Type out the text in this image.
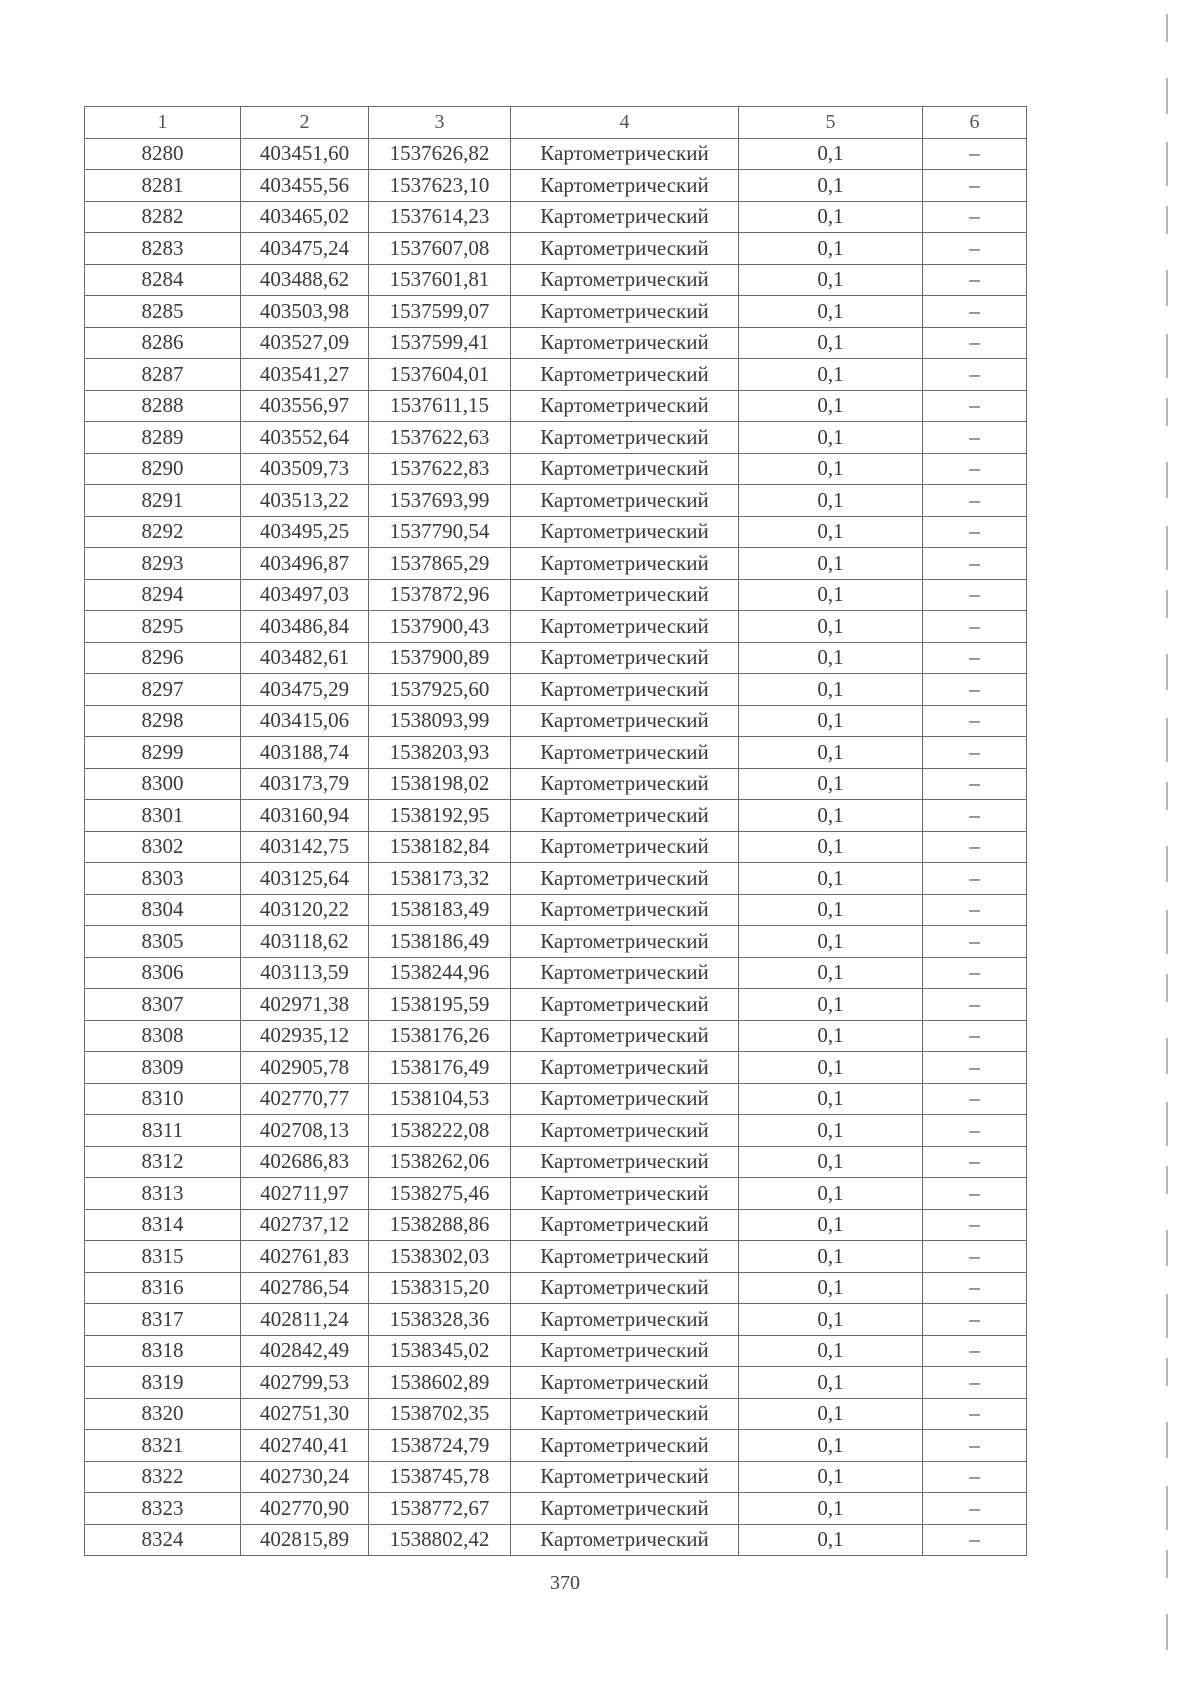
1	2	3	4	5	6
8280	403451,60	1537626,82	Картометрический	0,1	–
8281	403455,56	1537623,10	Картометрический	0,1	–
8282	403465,02	1537614,23	Картометрический	0,1	–
8283	403475,24	1537607,08	Картометрический	0,1	–
8284	403488,62	1537601,81	Картометрический	0,1	–
8285	403503,98	1537599,07	Картометрический	0,1	–
8286	403527,09	1537599,41	Картометрический	0,1	–
8287	403541,27	1537604,01	Картометрический	0,1	–
8288	403556,97	1537611,15	Картометрический	0,1	–
8289	403552,64	1537622,63	Картометрический	0,1	–
8290	403509,73	1537622,83	Картометрический	0,1	–
8291	403513,22	1537693,99	Картометрический	0,1	–
8292	403495,25	1537790,54	Картометрический	0,1	–
8293	403496,87	1537865,29	Картометрический	0,1	–
8294	403497,03	1537872,96	Картометрический	0,1	–
8295	403486,84	1537900,43	Картометрический	0,1	–
8296	403482,61	1537900,89	Картометрический	0,1	–
8297	403475,29	1537925,60	Картометрический	0,1	–
8298	403415,06	1538093,99	Картометрический	0,1	–
8299	403188,74	1538203,93	Картометрический	0,1	–
8300	403173,79	1538198,02	Картометрический	0,1	–
8301	403160,94	1538192,95	Картометрический	0,1	–
8302	403142,75	1538182,84	Картометрический	0,1	–
8303	403125,64	1538173,32	Картометрический	0,1	–
8304	403120,22	1538183,49	Картометрический	0,1	–
8305	403118,62	1538186,49	Картометрический	0,1	–
8306	403113,59	1538244,96	Картометрический	0,1	–
8307	402971,38	1538195,59	Картометрический	0,1	–
8308	402935,12	1538176,26	Картометрический	0,1	–
8309	402905,78	1538176,49	Картометрический	0,1	–
8310	402770,77	1538104,53	Картометрический	0,1	–
8311	402708,13	1538222,08	Картометрический	0,1	–
8312	402686,83	1538262,06	Картометрический	0,1	–
8313	402711,97	1538275,46	Картометрический	0,1	–
8314	402737,12	1538288,86	Картометрический	0,1	–
8315	402761,83	1538302,03	Картометрический	0,1	–
8316	402786,54	1538315,20	Картометрический	0,1	–
8317	402811,24	1538328,36	Картометрический	0,1	–
8318	402842,49	1538345,02	Картометрический	0,1	–
8319	402799,53	1538602,89	Картометрический	0,1	–
8320	402751,30	1538702,35	Картометрический	0,1	–
8321	402740,41	1538724,79	Картометрический	0,1	–
8322	402730,24	1538745,78	Картометрический	0,1	–
8323	402770,90	1538772,67	Картометрический	0,1	–
8324	402815,89	1538802,42	Картометрический	0,1	–
370
